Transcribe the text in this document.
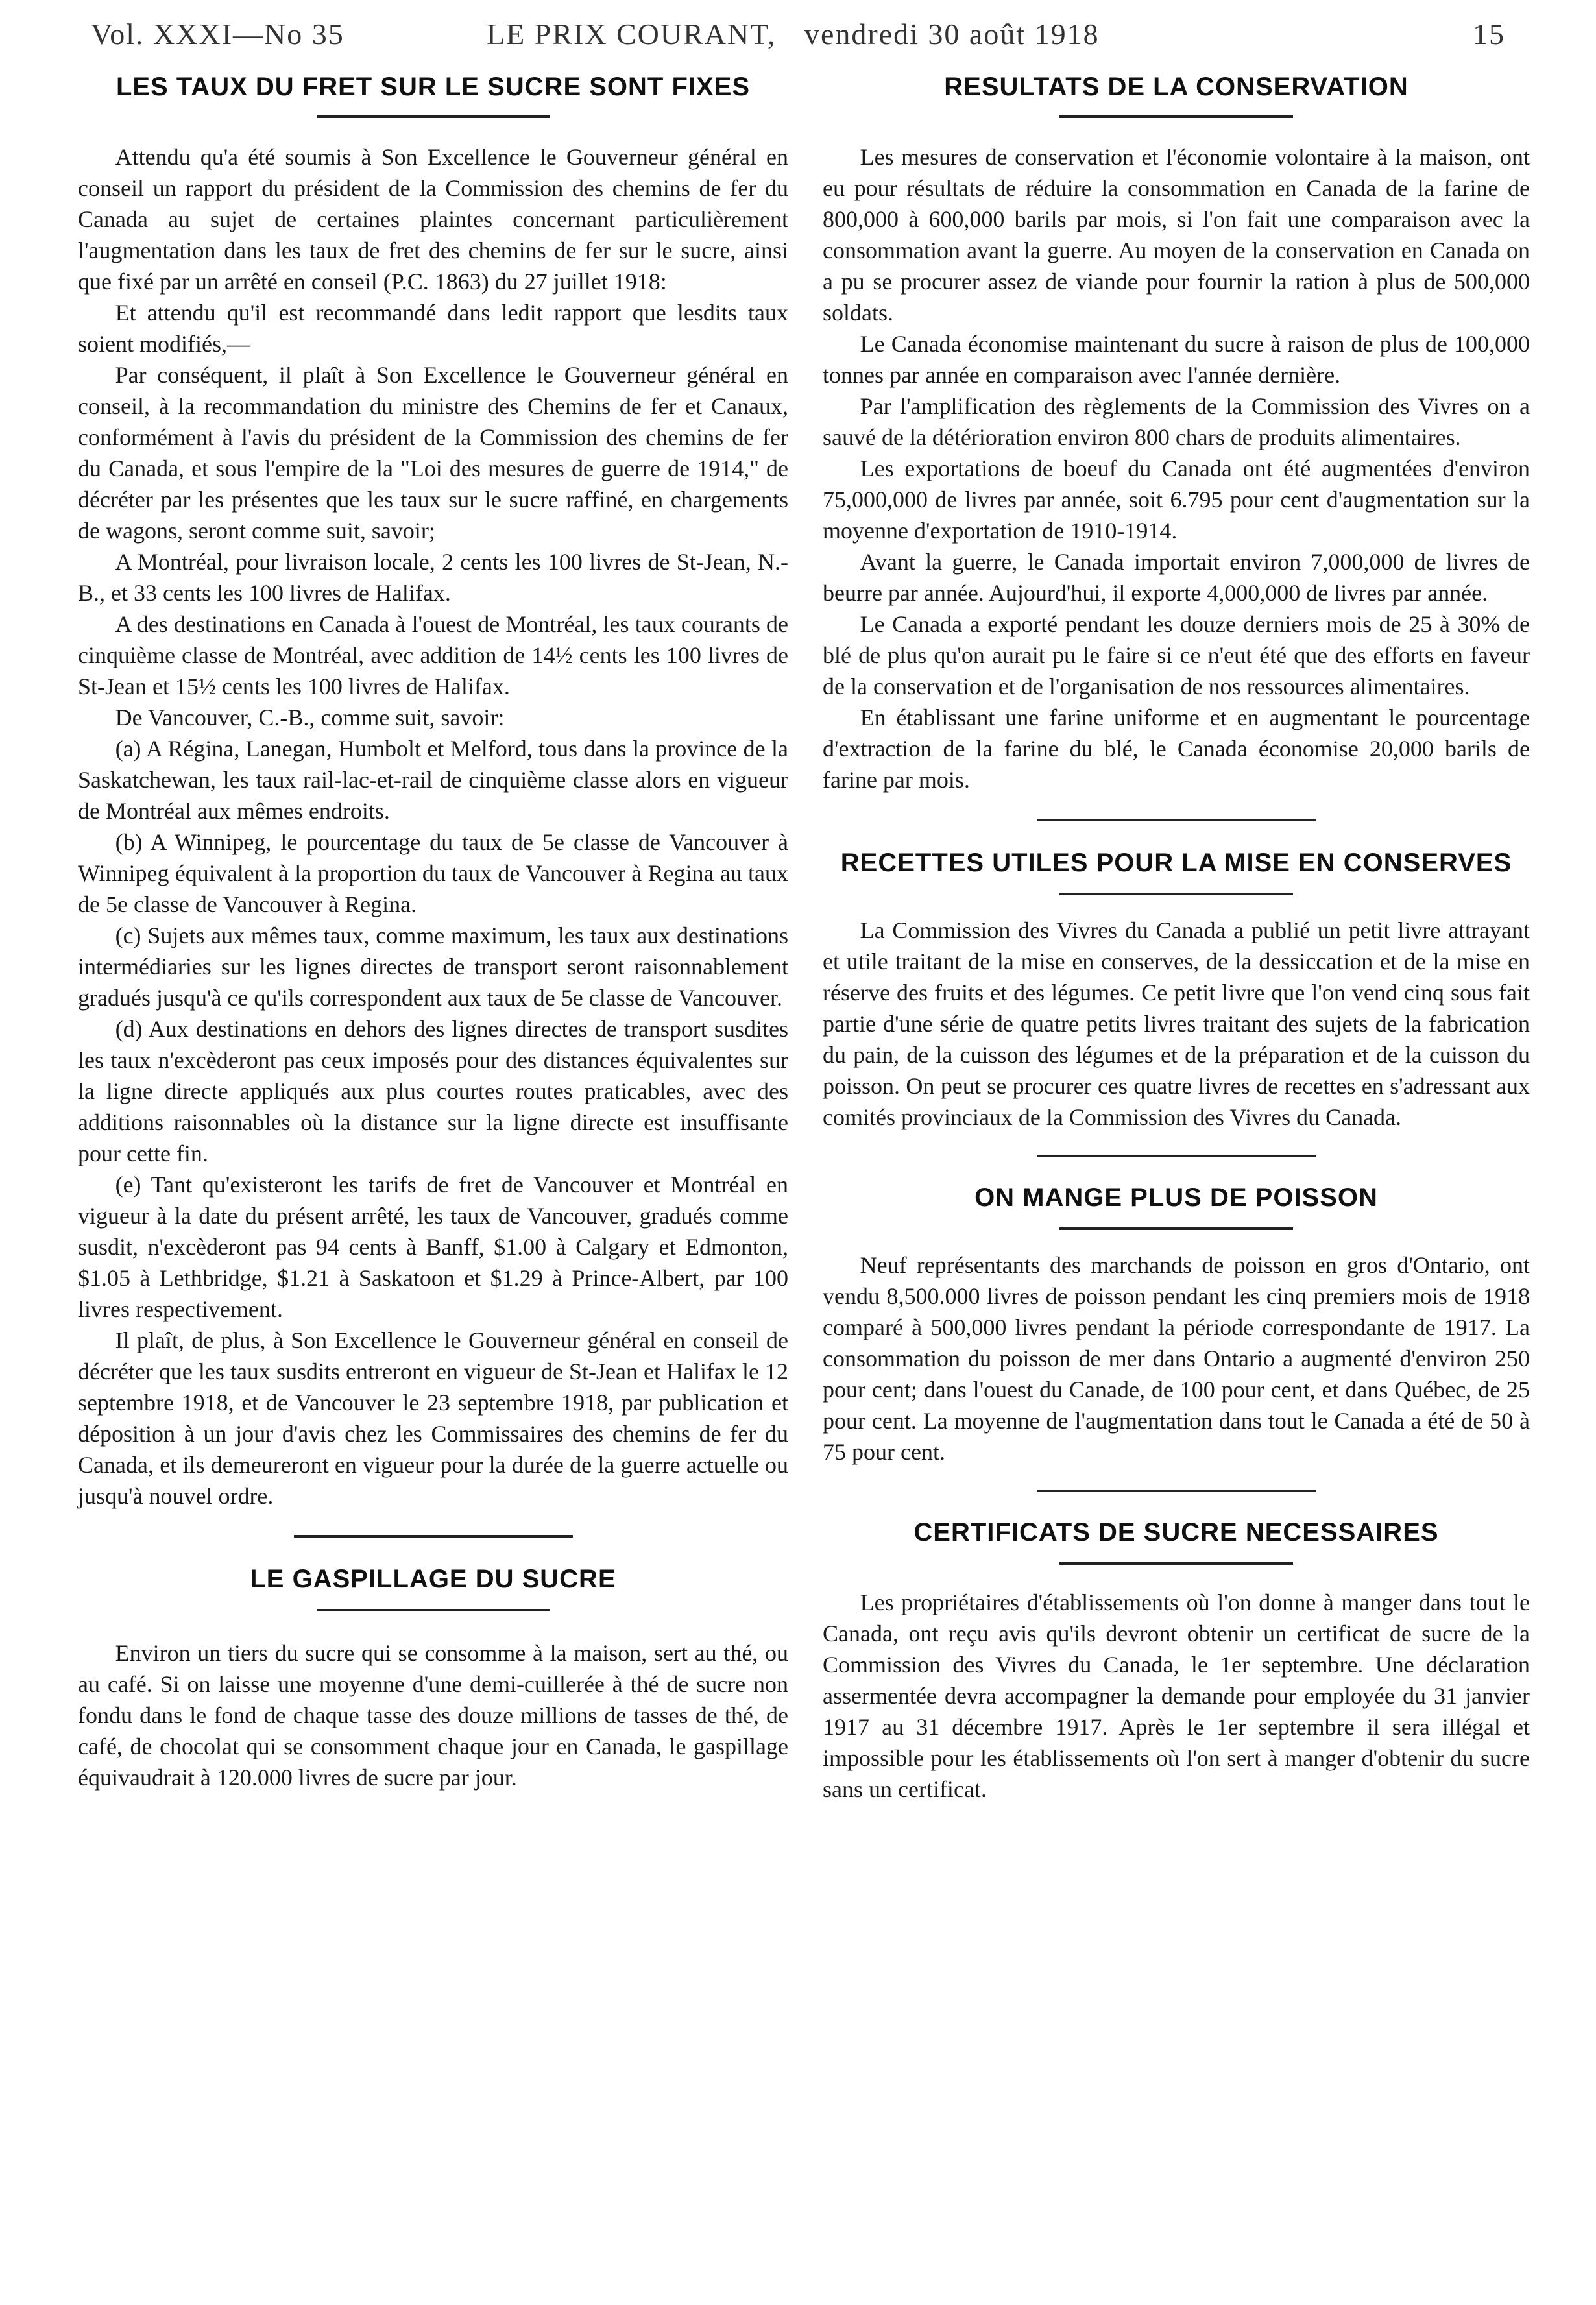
Vol. XXXI—No 35	LE PRIX COURANT, vendredi 30 août 1918	15
LES TAUX DU FRET SUR LE SUCRE SONT FIXES

Attendu qu'a été soumis à Son Excellence le Gouverneur général en conseil un rapport du président de la Commission des chemins de fer du Canada au sujet de certaines plaintes concernant particulièrement l'augmentation dans les taux de fret des chemins de fer sur le sucre, ainsi que fixé par un arrêté en conseil (P.C. 1863) du 27 juillet 1918:

Et attendu qu'il est recommandé dans ledit rapport que lesdits taux soient modifiés,—

Par conséquent, il plaît à Son Excellence le Gouverneur général en conseil, à la recommandation du ministre des Chemins de fer et Canaux, conformément à l'avis du président de la Commission des chemins de fer du Canada, et sous l'empire de la "Loi des mesures de guerre de 1914," de décréter par les présentes que les taux sur le sucre raffiné, en chargements de wagons, seront comme suit, savoir;

A Montréal, pour livraison locale, 2 cents les 100 livres de St-Jean, N.-B., et 33 cents les 100 livres de Halifax.

A des destinations en Canada à l'ouest de Montréal, les taux courants de cinquième classe de Montréal, avec addition de 14½ cents les 100 livres de St-Jean et 15½ cents les 100 livres de Halifax.

De Vancouver, C.-B., comme suit, savoir:

(a) A Régina, Lanegan, Humbolt et Melford, tous dans la province de la Saskatchewan, les taux rail-lac-et-rail de cinquième classe alors en vigueur de Montréal aux mêmes endroits.

(b) A Winnipeg, le pourcentage du taux de 5e classe de Vancouver à Winnipeg équivalent à la proportion du taux de Vancouver à Regina au taux de 5e classe de Vancouver à Regina.

(c) Sujets aux mêmes taux, comme maximum, les taux aux destinations intermédiaries sur les lignes directes de transport seront raisonnablement gradués jusqu'à ce qu'ils correspondent aux taux de 5e classe de Vancouver.

(d) Aux destinations en dehors des lignes directes de transport susdites les taux n'excèderont pas ceux imposés pour des distances équivalentes sur la ligne directe appliqués aux plus courtes routes praticables, avec des additions raisonnables où la distance sur la ligne directe est insuffisante pour cette fin.

(e) Tant qu'existeront les tarifs de fret de Vancouver et Montréal en vigueur à la date du présent arrêté, les taux de Vancouver, gradués comme susdit, n'excèderont pas 94 cents à Banff, $1.00 à Calgary et Edmonton, $1.05 à Lethbridge, $1.21 à Saskatoon et $1.29 à Prince-Albert, par 100 livres respectivement.

Il plaît, de plus, à Son Excellence le Gouverneur général en conseil de décréter que les taux susdits entreront en vigueur de St-Jean et Halifax le 12 septembre 1918, et de Vancouver le 23 septembre 1918, par publication et déposition à un jour d'avis chez les Commissaires des chemins de fer du Canada, et ils demeureront en vigueur pour la durée de la guerre actuelle ou jusqu'à nouvel ordre.

LE GASPILLAGE DU SUCRE

Environ un tiers du sucre qui se consomme à la maison, sert au thé, ou au café. Si on laisse une moyenne d'une demi-cuillerée à thé de sucre non fondu dans le fond de chaque tasse des douze millions de tasses de thé, de café, de chocolat qui se consomment chaque jour en Canada, le gaspillage équivaudrait à 120.000 livres de sucre par jour.

RESULTATS DE LA CONSERVATION

Les mesures de conservation et l'économie volontaire à la maison, ont eu pour résultats de réduire la consommation en Canada de la farine de 800,000 à 600,000 barils par mois, si l'on fait une comparaison avec la consommation avant la guerre. Au moyen de la conservation en Canada on a pu se procurer assez de viande pour fournir la ration à plus de 500,000 soldats.

Le Canada économise maintenant du sucre à raison de plus de 100,000 tonnes par année en comparaison avec l'année dernière.

Par l'amplification des règlements de la Commission des Vivres on a sauvé de la détérioration environ 800 chars de produits alimentaires.

Les exportations de boeuf du Canada ont été augmentées d'environ 75,000,000 de livres par année, soit 6.795 pour cent d'augmentation sur la moyenne d'exportation de 1910-1914.

Avant la guerre, le Canada importait environ 7,000,000 de livres de beurre par année. Aujourd'hui, il exporte 4,000,000 de livres par année.

Le Canada a exporté pendant les douze derniers mois de 25 à 30% de blé de plus qu'on aurait pu le faire si ce n'eut été que des efforts en faveur de la conservation et de l'organisation de nos ressources alimentaires.

En établissant une farine uniforme et en augmentant le pourcentage d'extraction de la farine du blé, le Canada économise 20,000 barils de farine par mois.

RECETTES UTILES POUR LA MISE EN CONSERVES

La Commission des Vivres du Canada a publié un petit livre attrayant et utile traitant de la mise en conserves, de la dessiccation et de la mise en réserve des fruits et des légumes. Ce petit livre que l'on vend cinq sous fait partie d'une série de quatre petits livres traitant des sujets de la fabrication du pain, de la cuisson des légumes et de la préparation et de la cuisson du poisson. On peut se procurer ces quatre livres de recettes en s'adressant aux comités provinciaux de la Commission des Vivres du Canada.

ON MANGE PLUS DE POISSON

Neuf représentants des marchands de poisson en gros d'Ontario, ont vendu 8,500.000 livres de poisson pendant les cinq premiers mois de 1918 comparé à 500,000 livres pendant la période correspondante de 1917. La consommation du poisson de mer dans Ontario a augmenté d'environ 250 pour cent; dans l'ouest du Canade, de 100 pour cent, et dans Québec, de 25 pour cent. La moyenne de l'augmentation dans tout le Canada a été de 50 à 75 pour cent.

CERTIFICATS DE SUCRE NECESSAIRES

Les propriétaires d'établissements où l'on donne à manger dans tout le Canada, ont reçu avis qu'ils devront obtenir un certificat de sucre de la Commission des Vivres du Canada, le 1er septembre. Une déclaration assermentée devra accompagner la demande pour employée du 31 janvier 1917 au 31 décembre 1917. Après le 1er septembre il sera illégal et impossible pour les établissements où l'on sert à manger d'obtenir du sucre sans un certificat.
